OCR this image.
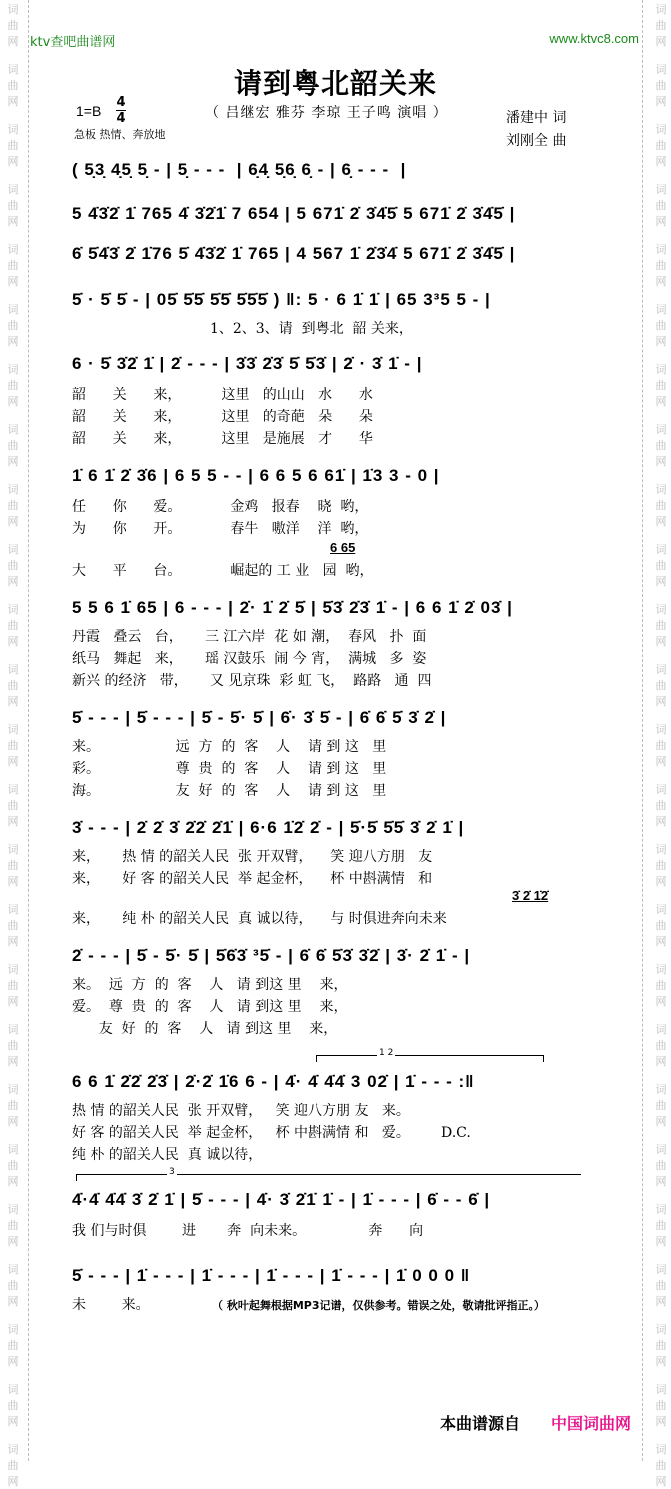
词
曲
网
词
曲
网
词
曲
网
词
曲
网
词
曲
网
词
曲
网
词
曲
网
词
曲
网
词
曲
网
词
曲
网
词
曲
网
词
曲
网
词
曲
网
词
曲
网
词
曲
网
词
曲
网
词
曲
网
词
曲
网
词
曲
网
词
曲
网
词
曲
网
词
曲
网
词
曲
网
词
曲
网
词
曲
网
词
曲
网
词
曲
网
词
曲
网
词
曲
网
词
曲
网
词
曲
网
词
曲
网
词
曲
网
词
曲
网
词
曲
网
词
曲
网
词
曲
网
词
曲
网
词
曲
网
词
曲
网
词
曲
网
词
曲
网
词
曲
网
词
曲
网
词
曲
网
词
曲
网
词
曲
网
词
曲
网
词
曲
网
词
曲
网
ktv查吧曲谱网	www.ktvc8.com
请到粤北韶关来
1=B
4
4
急板 热情、奔放地
（ 吕继宏 雅芬 李琼 王子鸣 演唱 ）	潘建中 词
刘刚全 曲
( 5̣3̣ 4̣5̣ 5̣ - | 5̣ - - -  | 6̣4̣ 5̣6̣ 6̣ - | 6̣ - - -  |
5 4̇3̇2̇ 1̇ 765 4̇ 3̇2̇1̇ 7 654 | 5 671̇ 2̇ 3̇4̇5̇ 5 671̇ 2̇ 3̇4̇5̇ |
6̇ 5̇4̇3̇ 2̇ 1̇76 5̇ 4̇3̇2̇ 1̇ 765 | 4 567 1̇ 2̇3̇4̇ 5 671̇ 2̇ 3̇4̇5̇ |
5̇ · 5̇ 5̇ - | 05̇ 5̇5̇ 5̇5̇ 5̇5̇5̇ ) ‖: 5 · 6 1̇ 1̇ | 65 3³5 5 - |
1、2、3、请  到粤北  韶 关来，
6 · 5̇ 3̇2̇ 1̇ | 2̇ - - - | 3̇3̇ 2̇3̇ 5̇ 5̇3̇ | 2̇ · 3̇ 1̇ - |
韶      关      来，         这里   的山山   水      水
韶      关      来，         这里   的奇葩   朵      朵
韶      关      来，         这里   是施展   才      华
1̇ 6 1̇ 2̇ 3̇6 | 6 5 5 - - | 6 6 5 6 61̇ | 1̇3 3 - 0 |
任      你      爱。           金鸡   报春    晓  哟，
为      你      开。           春牛   嗷洋    洋  哟，
6 65
大      平      台。           崛起的 工 业   园  哟，
5 5 6 1̇ 65 | 6 - - - | 2̇· 1̇ 2̇ 5̇ | 5̇3̇ 2̇3̇ 1̇ - | 6 6 1̇ 2̇ 03̇ |
丹霞   叠云   台，     三 江六岸  花 如 潮，  春风   扑  面
纸马   舞起   来，     瑶 汉鼓乐  闹 今 宵，  满城   多  姿
新兴 的经济   带，     又 见京珠  彩 虹 飞，  路路   通  四
5̇ - - - | 5̇ - - - | 5̇ - 5̇· 5̇ | 6̇· 3̇ 5̇ - | 6̇ 6̇ 5̇ 3̇ 2̇ |
来。                 远  方  的  客    人    请 到 这   里
彩。                 尊  贵  的  客    人    请 到 这   里
海。                 友  好  的  客    人    请 到 这   里
3̇ - - - | 2̇ 2̇ 3̇ 2̇2̇ 2̇1̇ | 6·6 1̇2̇ 2̇ - | 5̇·5̇ 5̇5̇ 3̇ 2̇ 1̇ |
来，     热 情 的韶关人民  张 开双臂，    笑 迎八方朋   友
来，     好 客 的韶关人民  举 起金杯，    杯 中斟满情   和
3̇ 2̇ 1̇2̇
来，     纯 朴 的韶关人民  真 诚以待，    与 时俱进奔向未来
2̇ - - - | 5̇ - 5̇· 5̇ | 5̇6̇3̇ ³5̇ - | 6̇ 6̇ 5̇3̇ 3̇2̇ | 3̇· 2̇ 1̇ - |
来。  远  方  的  客    人   请 到这 里    来，
爱。  尊  贵  的  客    人   请 到这 里    来，
友  好  的  客    人   请 到这 里    来，
1 2
6 6 1̇ 2̇2̇ 2̇3̇ | 2̇·2̇ 1̇6 6 - | 4̇· 4̇ 4̇4̇ 3 02̇ | 1̇ - - - :‖
热 情 的韶关人民  张 开双臂，   笑 迎八方朋 友   来。
好 客 的韶关人民  举 起金杯，   杯 中斟满情 和   爱。       D.C.
纯 朴 的韶关人民  真 诚以待，
3
4̇·4̇ 4̇4̇ 3̇ 2̇ 1̇ | 5̇ - - - | 4̇· 3̇ 2̇1̇ 1̇ - | 1̇ - - - | 6̇ - - 6̇ |
我 们与时俱        进       奔  向未来。              奔      向
5̇ - - - | 1̇ - - - | 1̇ - - - | 1̇ - - - | 1̇ - - - | 1̇ 0 0 0 ‖
未        来。	（ 秋叶起舞根据MP3记谱，仅供参考。错误之处，敬请批评指正。）
本曲谱源自 中国词曲网
